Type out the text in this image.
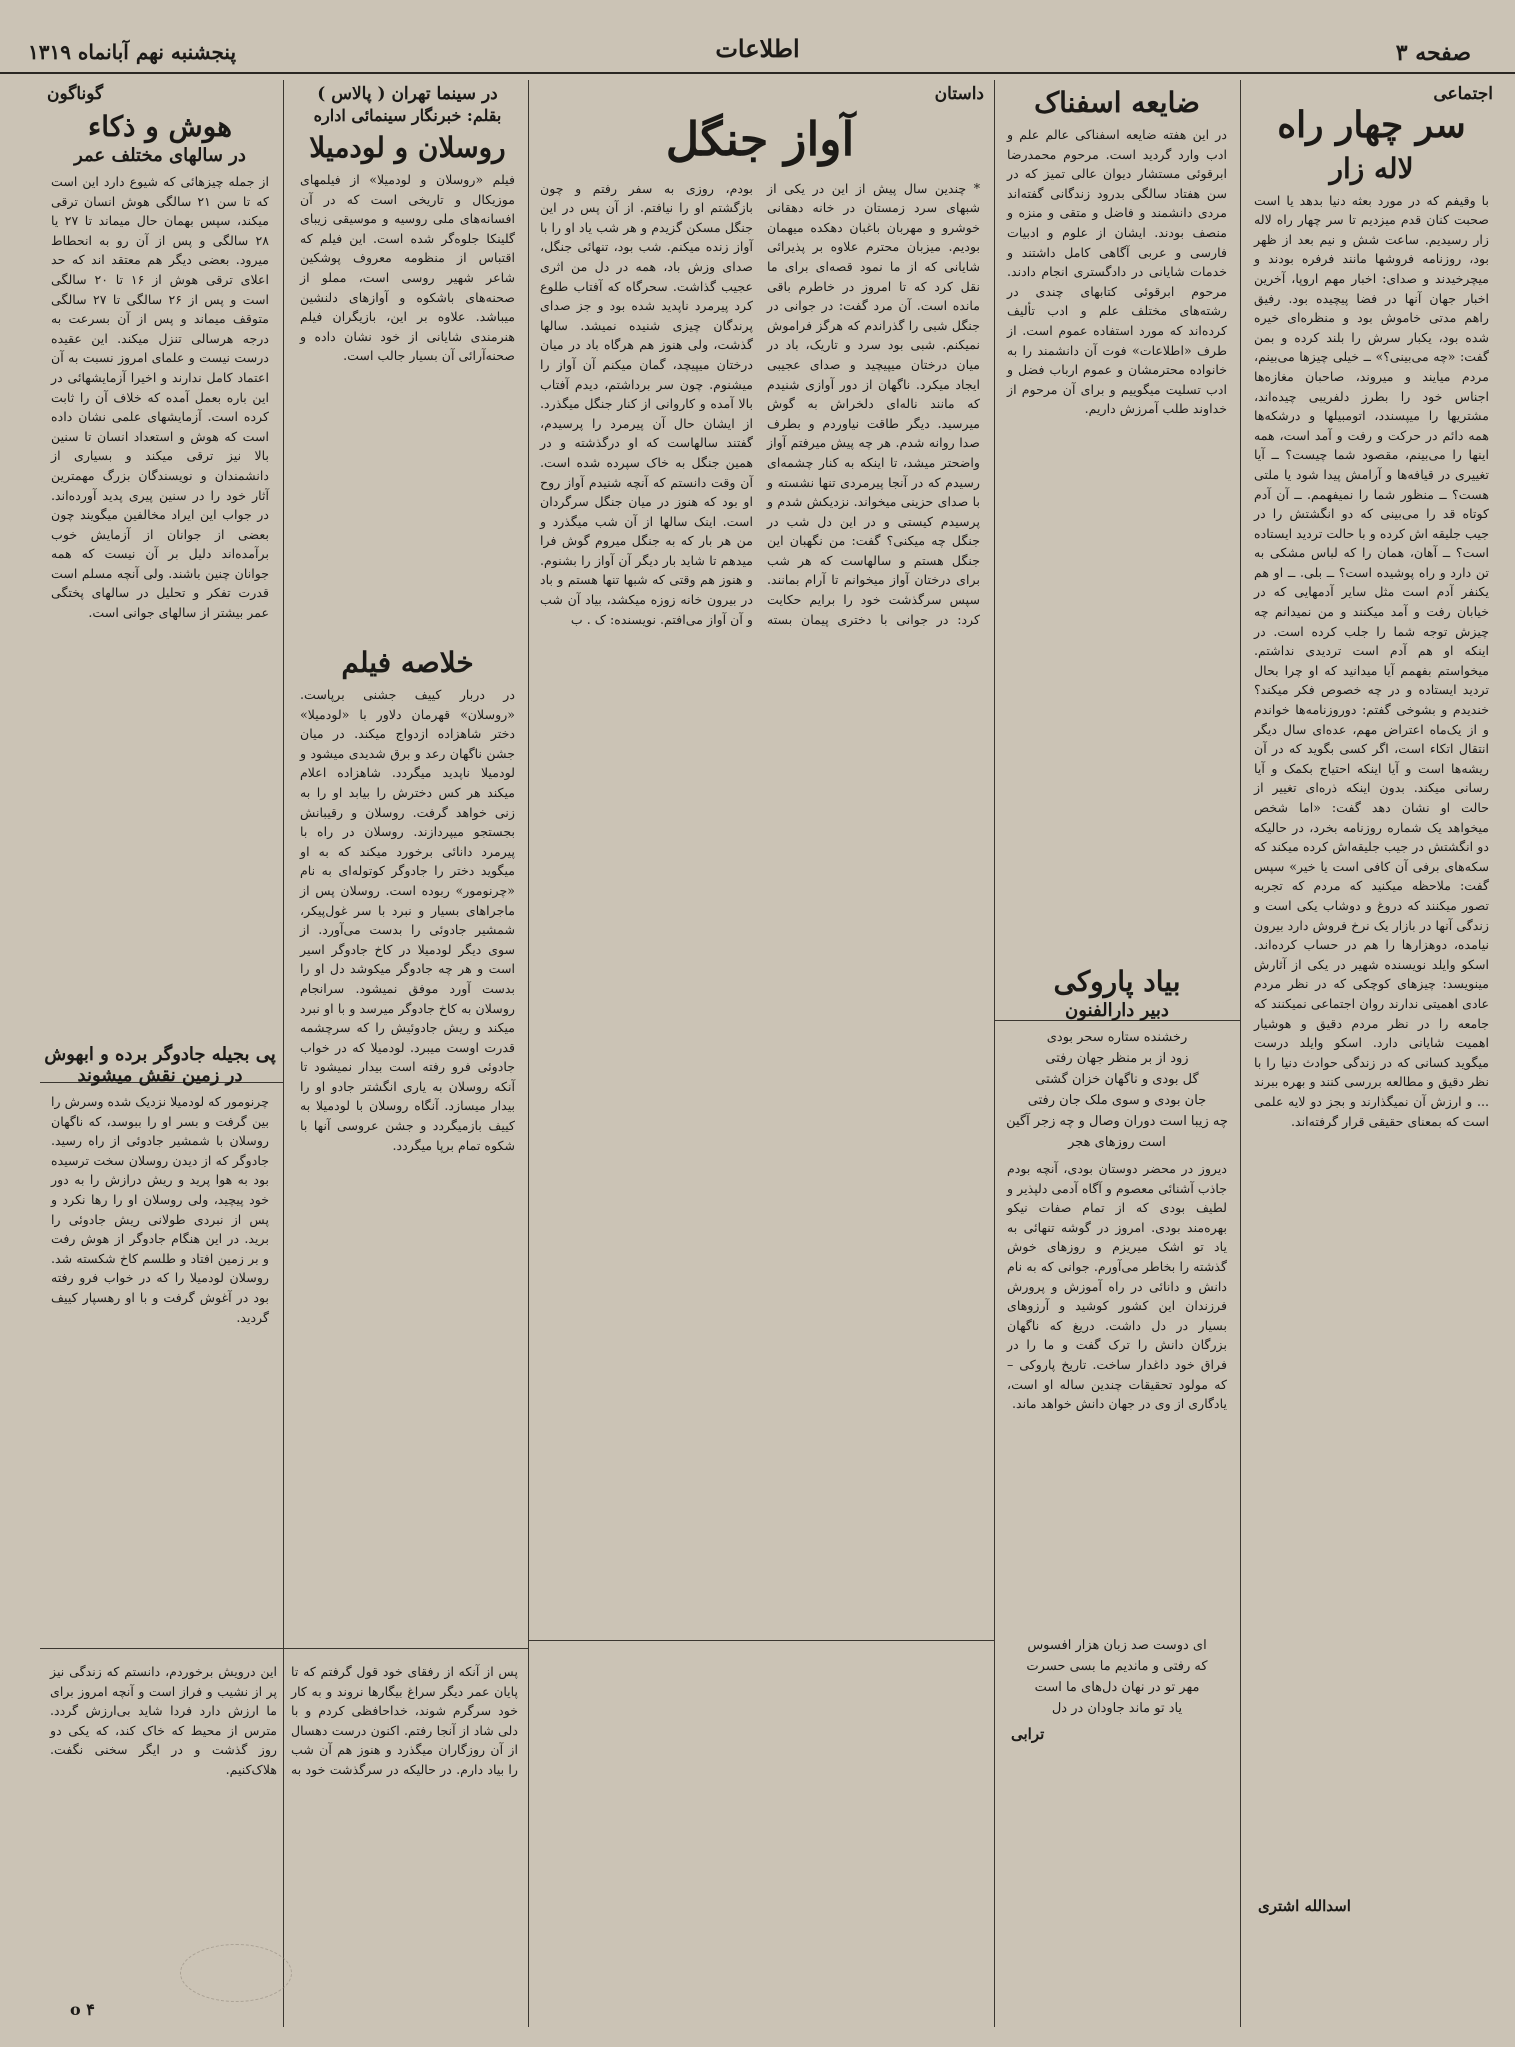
صفحه ۳
اطلاعات
پنجشنبه نهم آبانماه ۱۳۱۹
اجتماعی
سر چهار راه
لاله زار
با وقیفم که در مورد بعثه دنیا بدهد یا است صحبت کنان قدم میزدیم تا سر چهار راه لاله زار رسیدیم. ساعت شش و نیم بعد از ظهر بود، روزنامه فروشها مانند فرفره بودند و میچرخیدند و صدای: اخبار مهم اروپا، آخرین اخبار جهان آنها در فضا پیچیده بود. رفیق راهم مدتی خاموش بود و منظره‌ای خیره شده بود، یکبار سرش را بلند کرده و بمن گفت: «چه می‌بینی؟» ــ خیلی چیزها می‌بینم، مردم میایند و میروند، صاحبان مغازه‌ها اجناس خود را بطرز دلفریبی چیده‌اند، مشتریها را میپسندد، اتومبیلها و درشکه‌ها همه دائم در حرکت و رفت و آمد است، همه اینها را می‌بینم، مقصود شما چیست؟ ــ آیا تغییری در قیافه‌ها و آرامش پیدا شود یا ملتی هست؟ ــ منظور شما را نمیفهمم. ــ آن آدم کوتاه قد را می‌بینی که دو انگشتش را در جیب جلیقه اش کرده و با حالت تردید ایستاده است؟ ــ آهان، همان را که لباس مشکی به تن دارد و راه پوشیده است؟ ــ بلی. ــ او هم یکنفر آدم است مثل سایر آدمهایی که در خیابان رفت و آمد میکنند و من نمیدانم چه چیزش توجه شما را جلب کرده است. در اینکه او هم آدم است تردیدی نداشتم. میخواستم بفهمم آیا میدانید که او چرا بحال تردید ایستاده و در چه خصوص فکر میکند؟ خندیدم و بشوخی گفتم: دوروزنامه‌ها خواندم و از یک‌ماه اعتراض مهم، عده‌ای سال دیگر انتقال اتکاء است، اگر کسی بگوید که در آن ریشه‌ها است و آیا اینکه احتیاج بکمک و آیا رسانی میکند. بدون اینکه ذره‌ای تغییر از حالت او نشان دهد گفت: «اما شخص میخواهد یک شماره روزنامه بخرد، در حالیکه دو انگشتش در جیب جلیقه‌اش کرده میکند که سکه‌های برفی آن کافی است یا خیر» سپس گفت: ملاحظه میکنید که مردم که تجربه تصور میکنند که دروغ و دوشاب یکی است و زندگی آنها در بازار یک نرخ فروش دارد بیرون نیامده، دوهزارها را هم در حساب کرده‌اند. اسکو وایلد نویسنده شهیر در یکی از آثارش مینویسد: چیزهای کوچکی که در نظر مردم عادی اهمیتی ندارند روان اجتماعی نمیکنند که جامعه را در نظر مردم دقیق و هوشیار اهمیت شایانی دارد. اسکو وایلد درست میگوید کسانی که در زندگی حوادث دنیا را با نظر دقیق و مطالعه بررسی کنند و بهره ببرند ... و ارزش آن نمیگذارند و بجز دو لایه علمی است که بمعنای حقیقی قرار گرفته‌اند.
اسدالله اشتری
ضایعه اسفناک
در این هفته ضایعه اسفناکی عالم علم و ادب وارد گردید است. مرحوم محمدرضا ابرقوئی مستشار دیوان عالی تمیز که در سن هفتاد سالگی بدرود زندگانی گفته‌اند مردی دانشمند و فاضل و متقی و منزه و منصف بودند. ایشان از علوم و ادبیات فارسی و عربی آگاهی کامل داشتند و خدمات شایانی در دادگستری انجام دادند. مرحوم ابرقوئی کتابهای چندی در رشته‌های مختلف علم و ادب تألیف کرده‌اند که مورد استفاده عموم است. از طرف «اطلاعات» فوت آن دانشمند را به خانواده محترمشان و عموم ارباب فضل و ادب تسلیت میگوییم و برای آن مرحوم از خداوند طلب آمرزش داریم.
بیاد پاروکی
دبیر دارالفنون
رخشنده ستاره سحر بودی
زود از بر منظر جهان رفتی
گل بودی و ناگهان خزان گشتی
جان بودی و سوی ملک جان رفتی
چه زیبا است دوران وصال و چه زجر آگین است روزهای هجر
دیروز در محضر دوستان بودی، آنچه بودم جاذب آشنائی معصوم و آگاه آدمی دلپذیر و لطیف بودی که از تمام صفات نیکو بهره‌مند بودی. امروز در گوشه تنهائی به یاد تو اشک میریزم و روزهای خوش گذشته را بخاطر می‌آورم. جوانی که به نام دانش و دانائی در راه آموزش و پرورش فرزندان این کشور کوشید و آرزوهای بسیار در دل داشت. دریغ که ناگهان بزرگان دانش را ترک گفت و ما را در فراق خود داغدار ساخت. تاریخ پاروکی – که مولود تحقیقات چندین ساله او است، یادگاری از وی در جهان دانش خواهد ماند.
ای دوست صد زبان هزار افسوس
که رفتی و ماندیم ما بسی حسرت
مهر تو در نهان دل‌های ما است
یاد تو ماند جاودان در دل
ترابی
داستان
آواز جنگل
* چندین سال پیش از این در یکی از شبهای سرد زمستان در خانه دهقانی خوشرو و مهربان باغبان دهکده میهمان بودیم. میزبان محترم علاوه بر پذیرائی شایانی که از ما نمود قصه‌ای برای ما نقل کرد که تا امروز در خاطرم باقی مانده است. آن مرد گفت: در جوانی در جنگل شبی را گذراندم که هرگز فراموش نمیکنم. شبی بود سرد و تاریک، باد در میان درختان میپیچید و صدای عجیبی ایجاد میکرد. ناگهان از دور آوازی شنیدم که مانند ناله‌ای دلخراش به گوش میرسید. دیگر طاقت نیاوردم و بطرف صدا روانه شدم. هر چه پیش میرفتم آواز واضحتر میشد، تا اینکه به کنار چشمه‌ای رسیدم که در آنجا پیرمردی تنها نشسته و با صدای حزینی میخواند. نزدیکش شدم و پرسیدم کیستی و در این دل شب در جنگل چه میکنی؟ گفت: من نگهبان این جنگل هستم و سالهاست که هر شب برای درختان آواز میخوانم تا آرام بمانند. سپس سرگذشت خود را برایم حکایت کرد: در جوانی با دختری پیمان بسته بودم، روزی به سفر رفتم و چون بازگشتم او را نیافتم. از آن پس در این جنگل مسکن گزیدم و هر شب یاد او را با آواز زنده میکنم. شب بود، تنهائی جنگل، صدای وزش باد، همه در دل من اثری عجیب گذاشت. سحرگاه که آفتاب طلوع کرد پیرمرد ناپدید شده بود و جز صدای پرندگان چیزی شنیده نمیشد. سالها گذشت، ولی هنوز هم هرگاه باد در میان درختان میپیچد، گمان میکنم آن آواز را میشنوم. چون سر برداشتم، دیدم آفتاب بالا آمده و کاروانی از کنار جنگل میگذرد. از ایشان حال آن پیرمرد را پرسیدم، گفتند سالهاست که او درگذشته و در همین جنگل به خاک سپرده شده است. آن وقت دانستم که آنچه شنیدم آواز روح او بود که هنوز در میان جنگل سرگردان است. اینک سالها از آن شب میگذرد و من هر بار که به جنگل میروم گوش فرا میدهم تا شاید بار دیگر آن آواز را بشنوم. و هنوز هم وقتی که شبها تنها هستم و باد در بیرون خانه زوزه میکشد، بیاد آن شب و آن آواز می‌افتم. نویسنده: ک . ب
در سینما تهران ( پالاس )
بقلم: خبرنگار سینمائی اداره
روسلان و لودمیلا
فیلم «روسلان و لودمیلا» از فیلمهای موزیکال و تاریخی است که در آن افسانه‌های ملی روسیه و موسیقی زیبای گلینکا جلوه‌گر شده است. این فیلم که اقتباس از منظومه معروف پوشکین شاعر شهیر روسی است، مملو از صحنه‌های باشکوه و آوازهای دلنشین میباشد. علاوه بر این، بازیگران فیلم هنرمندی شایانی از خود نشان داده و صحنه‌آرائی آن بسیار جالب است.
خلاصه فیلم
در دربار کییف جشنی برپاست. «روسلان» قهرمان دلاور با «لودمیلا» دختر شاهزاده ازدواج میکند. در میان جشن ناگهان رعد و برق شدیدی میشود و لودمیلا ناپدید میگردد. شاهزاده اعلام میکند هر کس دخترش را بیابد او را به زنی خواهد گرفت. روسلان و رقیبانش بجستجو میپردازند. روسلان در راه با پیرمرد دانائی برخورد میکند که به او میگوید دختر را جادوگر کوتوله‌ای به نام «چرنومور» ربوده است. روسلان پس از ماجراهای بسیار و نبرد با سر غول‌پیکر، شمشیر جادوئی را بدست می‌آورد. از سوی دیگر لودمیلا در کاخ جادوگر اسیر است و هر چه جادوگر میکوشد دل او را بدست آورد موفق نمیشود. سرانجام روسلان به کاخ جادوگر میرسد و با او نبرد میکند و ریش جادوئیش را که سرچشمه قدرت اوست میبرد. لودمیلا که در خواب جادوئی فرو رفته است بیدار نمیشود تا آنکه روسلان به یاری انگشتر جادو او را بیدار میسازد. آنگاه روسلان با لودمیلا به کییف بازمیگردد و جشن عروسی آنها با شکوه تمام برپا میگردد.
گوناگون
هوش و ذکاء
در سالهای مختلف عمر
از جمله چیزهائی که شیوع دارد این است که تا سن ۲۱ سالگی هوش انسان ترقی میکند، سپس بهمان حال میماند تا ۲۷ یا ۲۸ سالگی و پس از آن رو به انحطاط میرود. بعضی دیگر هم معتقد اند که حد اعلای ترقی هوش از ۱۶ تا ۲۰ سالگی است و پس از ۲۶ سالگی تا ۲۷ سالگی متوقف میماند و پس از آن بسرعت به درجه هرسالی تنزل میکند. این عقیده درست نیست و علمای امروز نسبت به آن اعتماد کامل ندارند و اخیرا آزمایشهائی در این باره بعمل آمده که خلاف آن را ثابت کرده است. آزمایشهای علمی نشان داده است که هوش و استعداد انسان تا سنین بالا نیز ترقی میکند و بسیاری از دانشمندان و نویسندگان بزرگ مهمترین آثار خود را در سنین پیری پدید آورده‌اند. در جواب این ایراد مخالفین میگویند چون بعضی از جوانان از آزمایش خوب برآمده‌اند دلیل بر آن نیست که همه جوانان چنین باشند. ولی آنچه مسلم است قدرت تفکر و تحلیل در سالهای پختگی عمر بیشتر از سالهای جوانی است.
پی بجیله جادوگر برده و ابهوش در زمین نقش میشوند
چرنومور که لودمیلا نزدیک شده وسرش را بین گرفت و بسر او را ببوسد، که ناگهان روسلان با شمشیر جادوئی از راه رسید. جادوگر که از دیدن روسلان سخت ترسیده بود به هوا پرید و ریش درازش را به دور خود پیچید، ولی روسلان او را رها نکرد و پس از نبردی طولانی ریش جادوئی را برید. در این هنگام جادوگر از هوش رفت و بر زمین افتاد و طلسم کاخ شکسته شد. روسلان لودمیلا را که در خواب فرو رفته بود در آغوش گرفت و با او رهسپار کییف گردید.
پس از آنکه از رفقای خود قول گرفتم که تا پایان عمر دیگر سراغ بیگارها نروند و به کار خود سرگرم شوند، خداحافظی کردم و با دلی شاد از آنجا رفتم. اکنون درست دهسال از آن روزگاران میگذرد و هنوز هم آن شب را بیاد دارم. در حالیکه در سرگذشت خود به این درویش برخوردم، دانستم که زندگی نیز پر از نشیب و فراز است و آنچه امروز برای ما ارزش دارد فردا شاید بی‌ارزش گردد. مترس از محیط که خاک کند، که یکی دو روز گذشت و در ایگر سخنی نگفت. هلاک‌کنیم.
o ۴
